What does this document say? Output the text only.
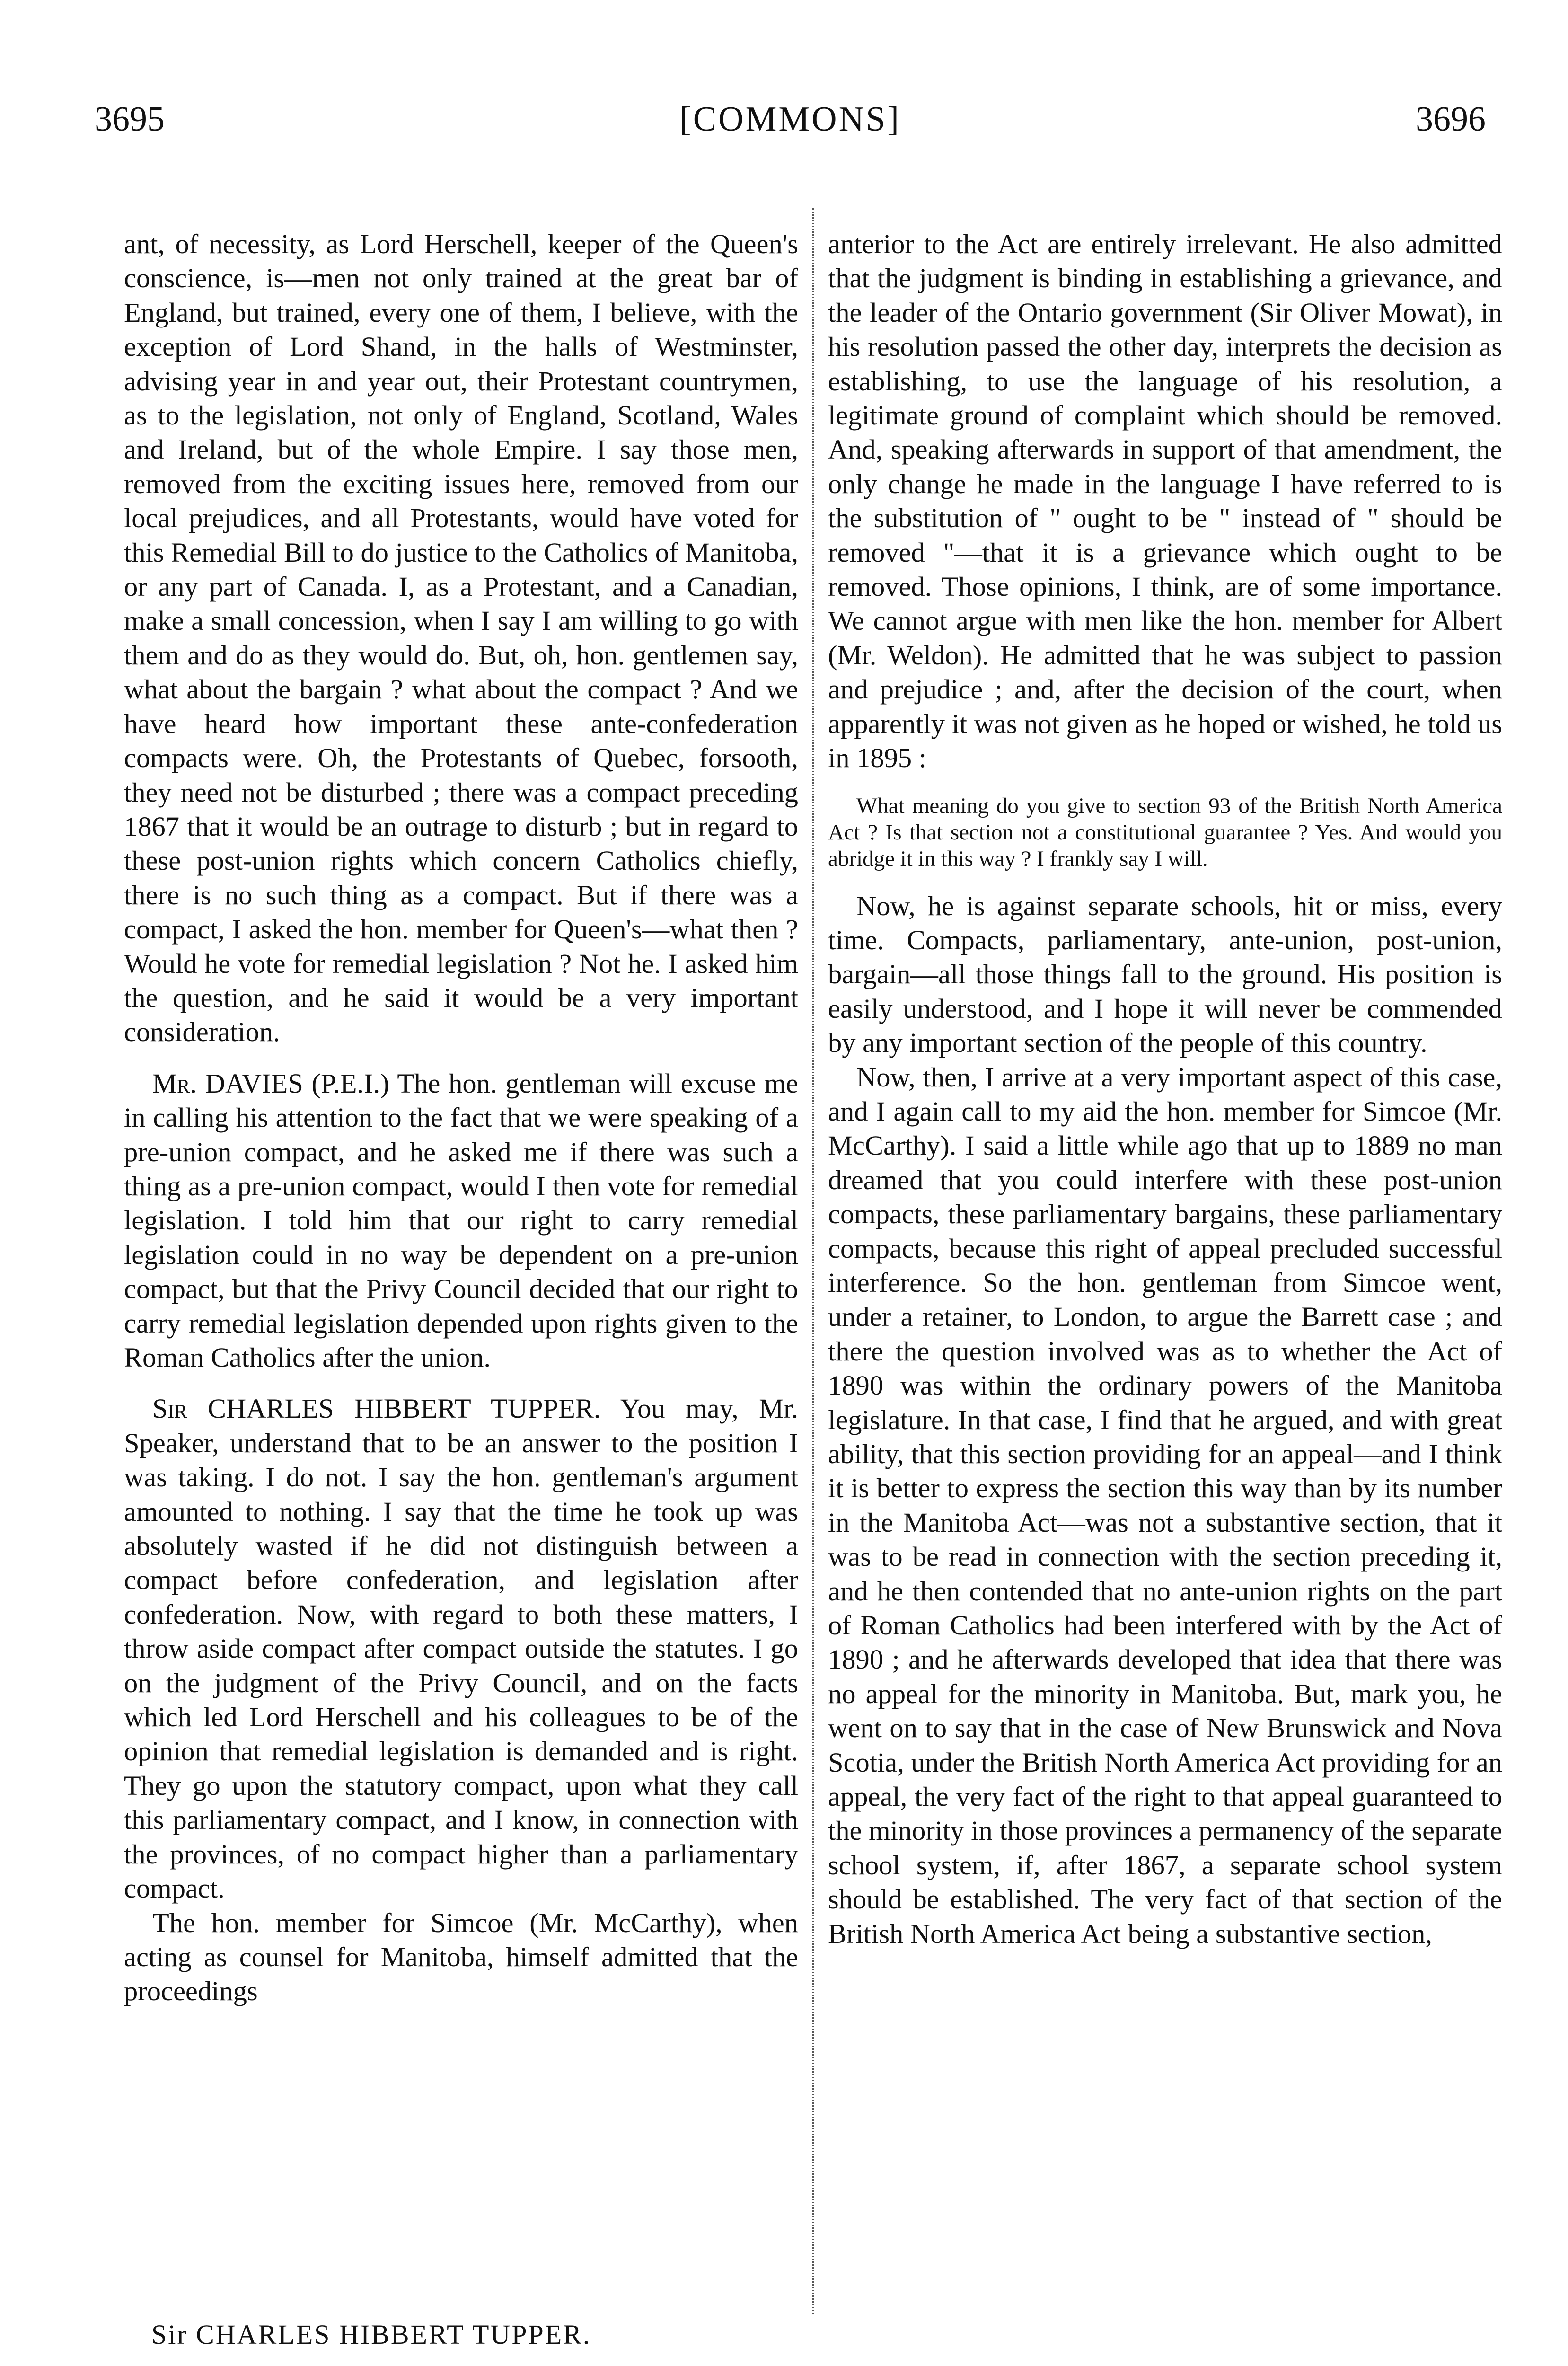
3695	[COMMONS]	3696

ant, of necessity, as Lord Herschell, keeper of the Queen's conscience, is—men not only trained at the great bar of England, but trained, every one of them, I believe, with the exception of Lord Shand, in the halls of Westminster, advising year in and year out, their Protestant countrymen, as to the legislation, not only of England, Scotland, Wales and Ireland, but of the whole Empire. I say those men, removed from the exciting issues here, removed from our local prejudices, and all Protestants, would have voted for this Remedial Bill to do justice to the Catholics of Manitoba, or any part of Canada. I, as a Protestant, and a Canadian, make a small concession, when I say I am willing to go with them and do as they would do. But, oh, hon. gentlemen say, what about the bargain ? what about the compact ? And we have heard how important these ante-confederation compacts were. Oh, the Protestants of Quebec, forsooth, they need not be disturbed ; there was a compact preceding 1867 that it would be an outrage to disturb ; but in regard to these post-union rights which concern Catholics chiefly, there is no such thing as a compact. But if there was a compact, I asked the hon. member for Queen's—what then ? Would he vote for remedial legislation ? Not he. I asked him the question, and he said it would be a very important consideration.

Mr. DAVIES (P.E.I.) The hon. gentleman will excuse me in calling his attention to the fact that we were speaking of a pre-union compact, and he asked me if there was such a thing as a pre-union compact, would I then vote for remedial legislation. I told him that our right to carry remedial legislation could in no way be dependent on a pre-union compact, but that the Privy Council decided that our right to carry remedial legislation depended upon rights given to the Roman Catholics after the union.

Sir CHARLES HIBBERT TUPPER. You may, Mr. Speaker, understand that to be an answer to the position I was taking. I do not. I say the hon. gentleman's argument amounted to nothing. I say that the time he took up was absolutely wasted if he did not distinguish between a compact before confederation, and legislation after confederation. Now, with regard to both these matters, I throw aside compact after compact outside the statutes. I go on the judgment of the Privy Council, and on the facts which led Lord Herschell and his colleagues to be of the opinion that remedial legislation is demanded and is right. They go upon the statutory compact, upon what they call this parliamentary compact, and I know, in connection with the provinces, of no compact higher than a parliamentary compact.

The hon. member for Simcoe (Mr. McCarthy), when acting as counsel for Manitoba, himself admitted that the proceedings

anterior to the Act are entirely irrelevant. He also admitted that the judgment is binding in establishing a grievance, and the leader of the Ontario government (Sir Oliver Mowat), in his resolution passed the other day, interprets the decision as establishing, to use the language of his resolution, a legitimate ground of complaint which should be removed. And, speaking afterwards in support of that amendment, the only change he made in the language I have referred to is the substitution of " ought to be " instead of " should be removed "—that it is a grievance which ought to be removed. Those opinions, I think, are of some importance. We cannot argue with men like the hon. member for Albert (Mr. Weldon). He admitted that he was subject to passion and prejudice ; and, after the decision of the court, when apparently it was not given as he hoped or wished, he told us in 1895 :

What meaning do you give to section 93 of the British North America Act ? Is that section not a constitutional guarantee ? Yes. And would you abridge it in this way ? I frankly say I will.

Now, he is against separate schools, hit or miss, every time. Compacts, parliamentary, ante-union, post-union, bargain—all those things fall to the ground. His position is easily understood, and I hope it will never be commended by any important section of the people of this country.

Now, then, I arrive at a very important aspect of this case, and I again call to my aid the hon. member for Simcoe (Mr. McCarthy). I said a little while ago that up to 1889 no man dreamed that you could interfere with these post-union compacts, these parliamentary bargains, these parliamentary compacts, because this right of appeal precluded successful interference. So the hon. gentleman from Simcoe went, under a retainer, to London, to argue the Barrett case ; and there the question involved was as to whether the Act of 1890 was within the ordinary powers of the Manitoba legislature. In that case, I find that he argued, and with great ability, that this section providing for an appeal—and I think it is better to express the section this way than by its number in the Manitoba Act—was not a substantive section, that it was to be read in connection with the section preceding it, and he then contended that no ante-union rights on the part of Roman Catholics had been interfered with by the Act of 1890 ; and he afterwards developed that idea that there was no appeal for the minority in Manitoba. But, mark you, he went on to say that in the case of New Brunswick and Nova Scotia, under the British North America Act providing for an appeal, the very fact of the right to that appeal guaranteed to the minority in those provinces a permanency of the separate school system, if, after 1867, a separate school system should be established. The very fact of that section of the British North America Act being a substantive section,

Sir CHARLES HIBBERT TUPPER.
